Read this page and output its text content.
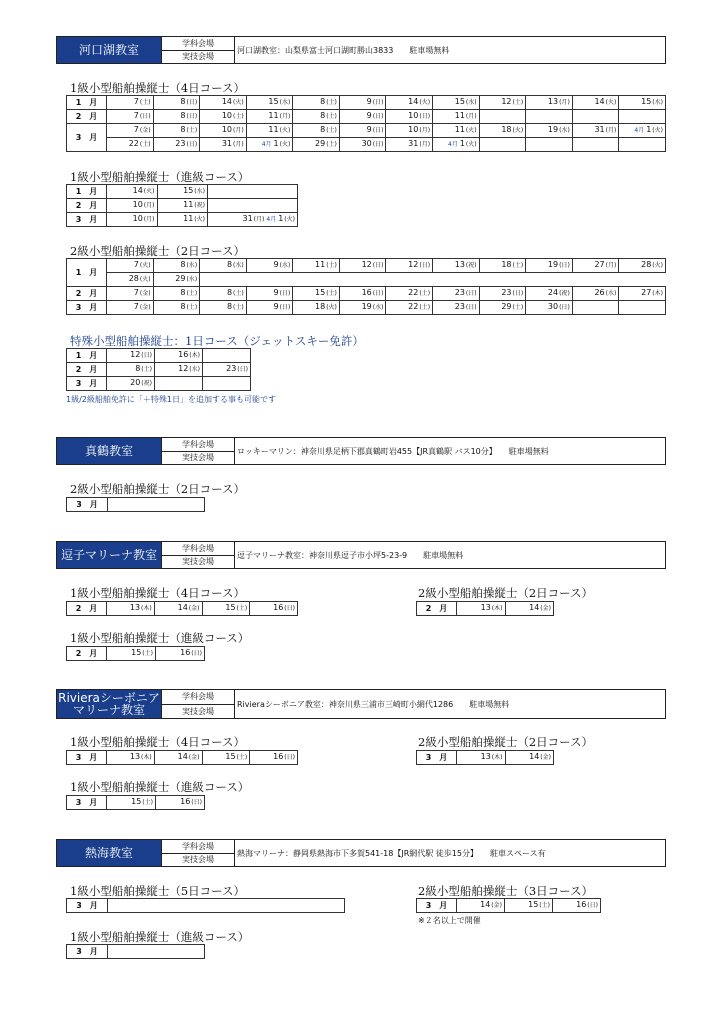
河口湖教室	学科会場
実技会場
河口湖教室：山梨県富士河口湖町勝山3833　　駐車場無料
1級小型船舶操縦士（4日コース）
1　月	7(土)	8(日)	14(火)	15(水)	8(土)	9(日)	14(火)	15(水)	12(土)	13(月)	14(火)	15(水)
2　月	7(日)	8(日)	10(土)	11(月)	8(土)	9(日)	10(日)	11(月)				
3　月	7(金)	8(土)	10(月)	11(火)	8(土)	9(日)	10(月)	11(火)	18(火)	19(水)	31(月)	4月 1(火)
	22(土)	23(日)	31(月)	4月 1(火)	29(土)	30(日)	31(月)	4月 1(火)				
1級小型船舶操縦士（進級コース）
1　月	14(火)	15(水)	
2　月	10(月)	11(祝)	
3　月	10(月)	11(火)	31(月) 4月 1(火)
2級小型船舶操縦士（2日コース）
1　月	7(火)	8(水)	8(水)	9(水)	11(土)	12(日)	12(日)	13(祝)	18(土)	19(日)	27(月)	28(火)
	28(火)	29(水)										
2　月	7(金)	8(土)	8(土)	9(日)	15(土)	16(日)	22(土)	23(日)	23(日)	24(祝)	26(水)	27(木)
3　月	7(金)	8(土)	8(土)	9(日)	18(火)	19(水)	22(土)	23(日)	29(土)	30(日)		
特殊小型船舶操縦士：1日コース（ジェットスキー免許）
1　月	12(日)	16(木)	
2　月	8(土)	12(水)	23(日)
3　月	20(祝)		
1級/2級船舶免許に「＋特殊1日」を追加する事も可能です
真鶴教室	学科会場
実技会場
ロッキーマリン：神奈川県足柄下郡真鶴町岩455【JR真鶴駅 バス10分】　　駐車場無料
2級小型船舶操縦士（2日コース）
3　月	
逗子マリーナ教室	学科会場
実技会場
逗子マリーナ教室：神奈川県逗子市小坪5-23-9　　駐車場無料
1級小型船舶操縦士（4日コース）
2　月	13(木)	14(金)	15(土)	16(日)
2級小型船舶操縦士（2日コース）
2　月	13(木)	14(金)
1級小型船舶操縦士（進級コース）
2　月	15(土)	16(日)
Rivieraシーボニア
マリーナ教室
学科会場
実技会場
Rivieraシーボニア教室：神奈川県三浦市三崎町小網代1286　　駐車場無料
1級小型船舶操縦士（4日コース）
3　月	13(木)	14(金)	15(土)	16(日)
2級小型船舶操縦士（2日コース）
3　月	13(木)	14(金)
1級小型船舶操縦士（進級コース）
3　月	15(土)	16(日)
熱海教室	学科会場
実技会場
熱海マリーナ：静岡県熱海市下多賀541-18【JR網代駅 徒歩15分】　　駐車スペース有
1級小型船舶操縦士（5日コース）
3　月	
2級小型船舶操縦士（3日コース）
3　月	14(金)	15(土)	16(日)
※２名以上で開催
1級小型船舶操縦士（進級コース）
3　月	
